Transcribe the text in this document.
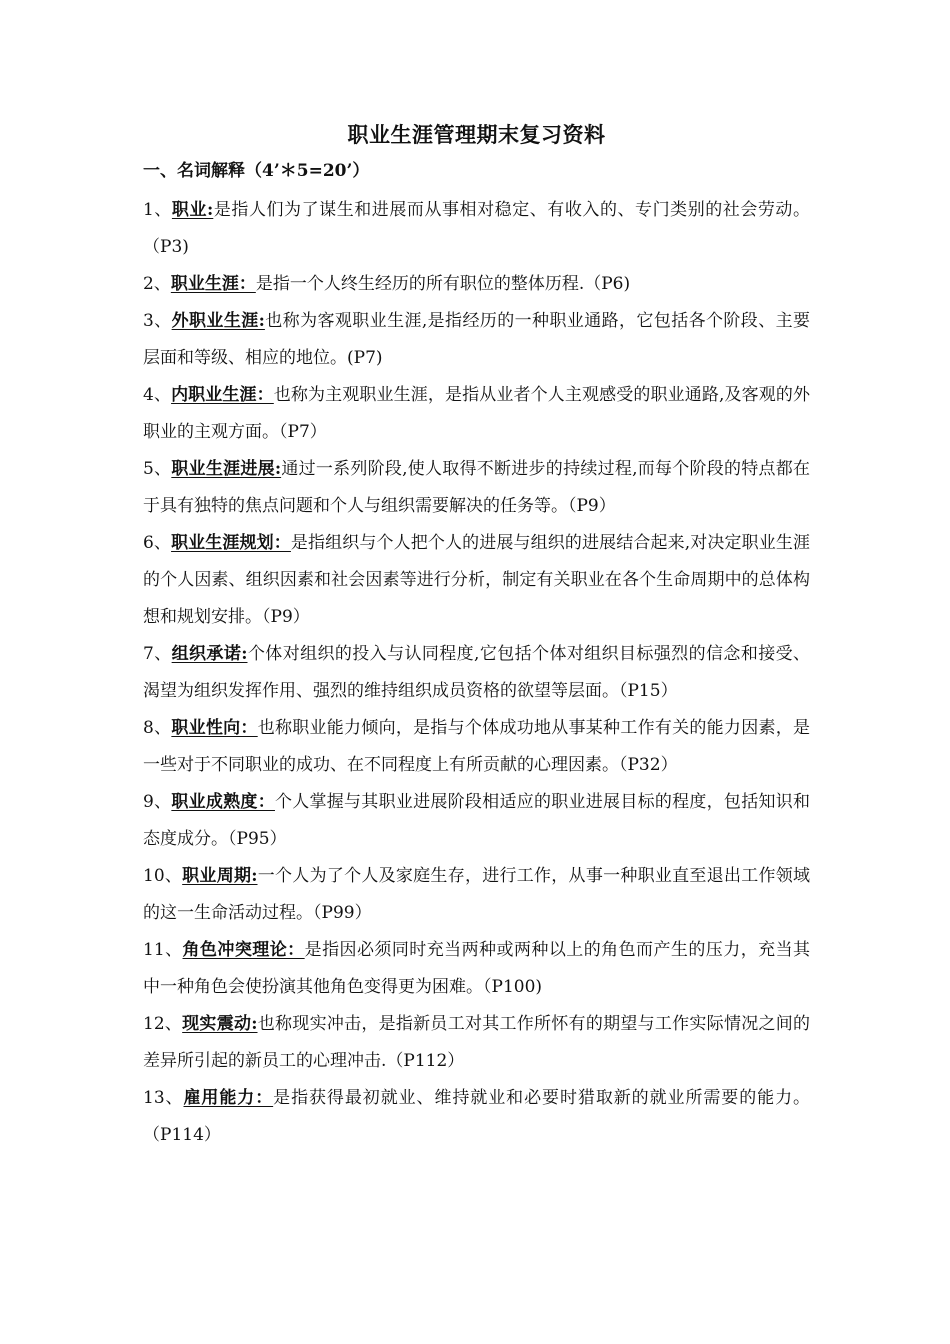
职业生涯管理期末复习资料
一、名词解释（4’＊5=20’）

1、职业:是指人们为了谋生和进展而从事相对稳定、有收入的、专门类别的社会劳动。（P3)

2、职业生涯：是指一个人终生经历的所有职位的整体历程.（P6)

3、外职业生涯:也称为客观职业生涯,是指经历的一种职业通路，它包括各个阶段、主要层面和等级、相应的地位。(P7)

4、内职业生涯：也称为主观职业生涯，是指从业者个人主观感受的职业通路,及客观的外职业的主观方面。（P7）

5、职业生涯进展:通过一系列阶段,使人取得不断进步的持续过程,而每个阶段的特点都在于具有独特的焦点问题和个人与组织需要解决的任务等。（P9）

6、职业生涯规划：是指组织与个人把个人的进展与组织的进展结合起来,对决定职业生涯的个人因素、组织因素和社会因素等进行分析，制定有关职业在各个生命周期中的总体构想和规划安排。（P9）

7、组织承诺:个体对组织的投入与认同程度,它包括个体对组织目标强烈的信念和接受、渴望为组织发挥作用、强烈的维持组织成员资格的欲望等层面。（P15）

8、职业性向：也称职业能力倾向，是指与个体成功地从事某种工作有关的能力因素，是一些对于不同职业的成功、在不同程度上有所贡献的心理因素。（P32）

9、职业成熟度：个人掌握与其职业进展阶段相适应的职业进展目标的程度，包括知识和态度成分。（P95）

10、职业周期:一个人为了个人及家庭生存，进行工作，从事一种职业直至退出工作领域的这一生命活动过程。（P99）

11、角色冲突理论：是指因必须同时充当两种或两种以上的角色而产生的压力，充当其中一种角色会使扮演其他角色变得更为困难。（P100)

12、现实震动:也称现实冲击，是指新员工对其工作所怀有的期望与工作实际情况之间的差异所引起的新员工的心理冲击.（P112）

13、雇用能力：是指获得最初就业、维持就业和必要时猎取新的就业所需要的能力。（P114）
